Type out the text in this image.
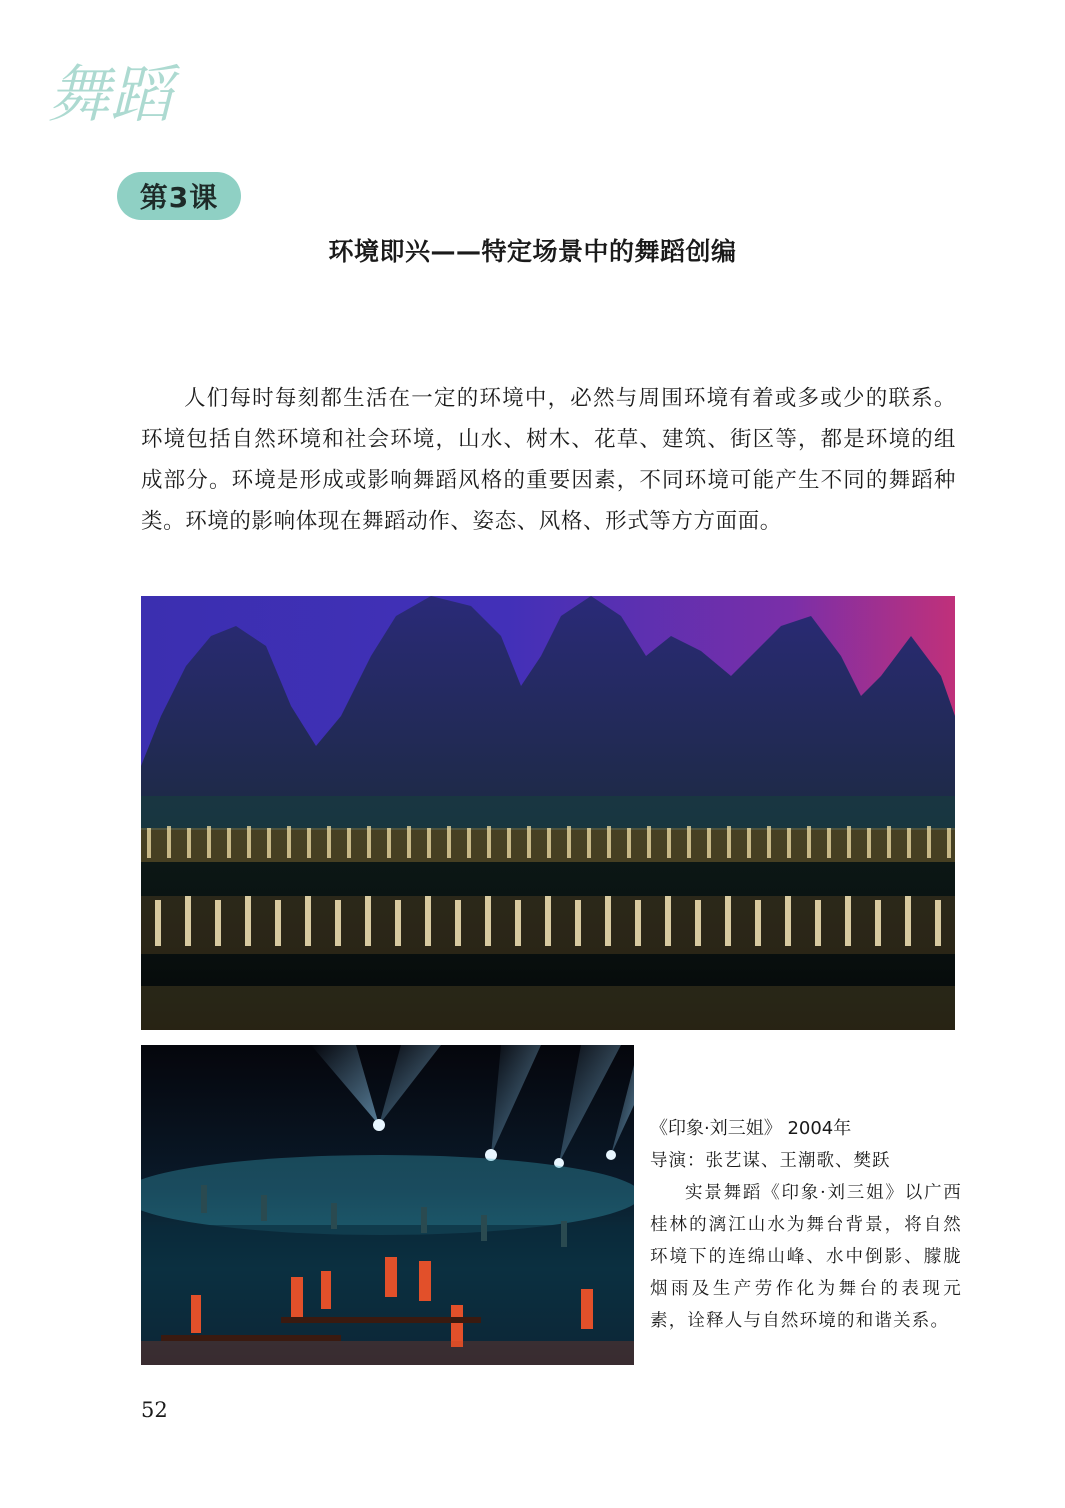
舞蹈
第3课
环境即兴——特定场景中的舞蹈创编
人们每时每刻都生活在一定的环境中，必然与周围环境有着或多或少的联系。环境包括自然环境和社会环境，山水、树木、花草、建筑、街区等，都是环境的组成部分。环境是形成或影响舞蹈风格的重要因素，不同环境可能产生不同的舞蹈种类。环境的影响体现在舞蹈动作、姿态、风格、形式等方方面面。
《印象·刘三姐》 2004年
导演：张艺谋、王潮歌、樊跃
实景舞蹈《印象·刘三姐》以广西桂林的漓江山水为舞台背景，将自然环境下的连绵山峰、水中倒影、朦胧烟雨及生产劳作化为舞台的表现元素，诠释人与自然环境的和谐关系。
52
